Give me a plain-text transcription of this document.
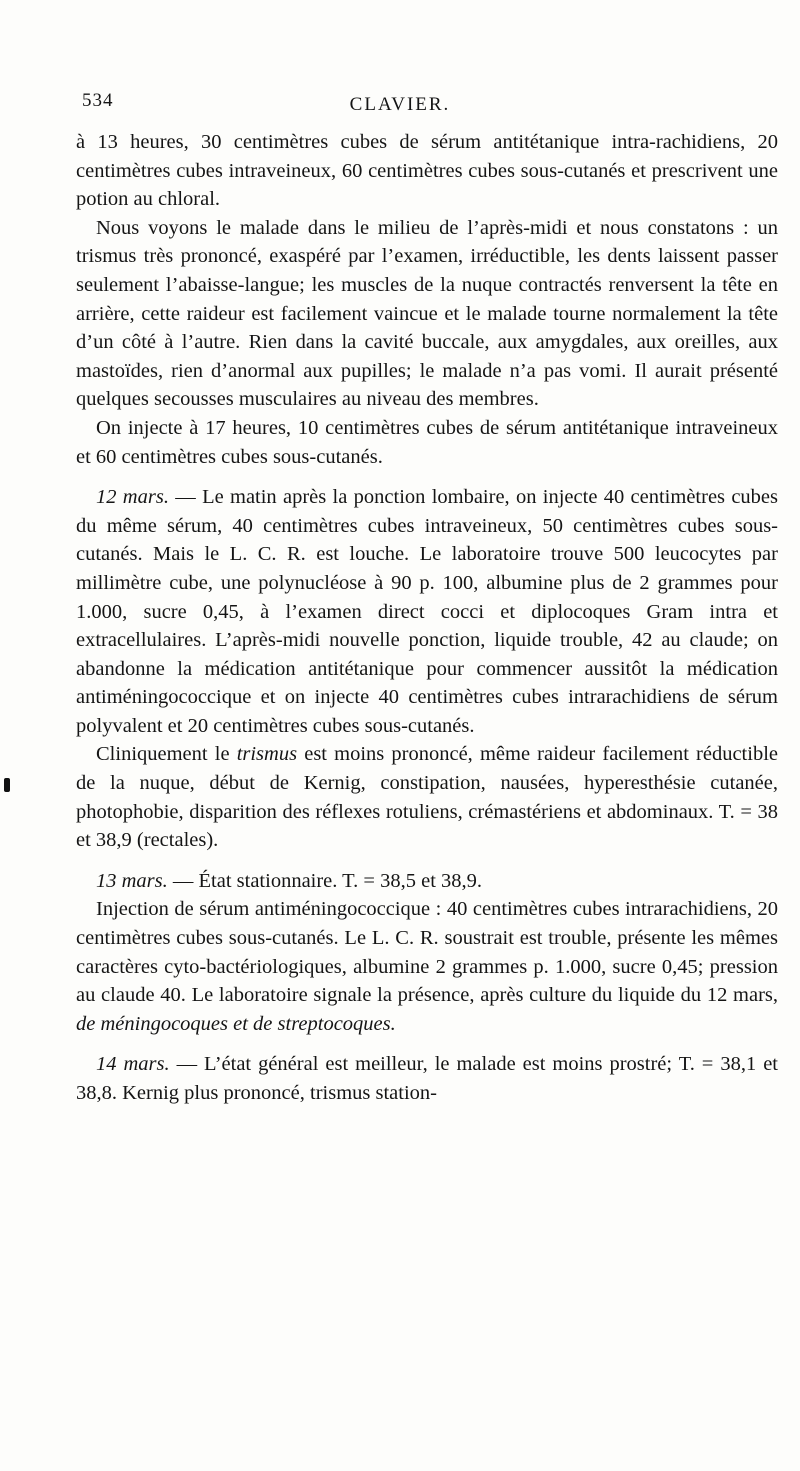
534	CLAVIER.

à 13 heures, 30 centimètres cubes de sérum antitétanique intra-rachidiens, 20 centimètres cubes intraveineux, 60 centimètres cubes sous-cutanés et prescrivent une potion au chloral.

Nous voyons le malade dans le milieu de l’après-midi et nous constatons : un trismus très prononcé, exaspéré par l’examen, irréductible, les dents laissent passer seulement l’abaisse-langue; les muscles de la nuque contractés renversent la tête en arrière, cette raideur est facilement vaincue et le malade tourne normalement la tête d’un côté à l’autre. Rien dans la cavité buccale, aux amygdales, aux oreilles, aux mastoïdes, rien d’anormal aux pupilles; le malade n’a pas vomi. Il aurait présenté quelques secousses musculaires au niveau des membres.

On injecte à 17 heures, 10 centimètres cubes de sérum antitétanique intraveineux et 60 centimètres cubes sous-cutanés.

12 mars. — Le matin après la ponction lombaire, on injecte 40 centimètres cubes du même sérum, 40 centimètres cubes intraveineux, 50 centimètres cubes sous-cutanés. Mais le L. C. R. est louche. Le laboratoire trouve 500 leucocytes par millimètre cube, une polynucléose à 90 p. 100, albumine plus de 2 grammes pour 1.000, sucre 0,45, à l’examen direct cocci et diplocoques Gram intra et extracellulaires. L’après-midi nouvelle ponction, liquide trouble, 42 au claude; on abandonne la médication antitétanique pour commencer aussitôt la médication antiméningococcique et on injecte 40 centimètres cubes intrarachidiens de sérum polyvalent et 20 centimètres cubes sous-cutanés.

Cliniquement le trismus est moins prononcé, même raideur facilement réductible de la nuque, début de Kernig, constipation, nausées, hyperesthésie cutanée, photophobie, disparition des réflexes rotuliens, crémastériens et abdominaux. T. = 38 et 38,9 (rectales).

13 mars. — État stationnaire. T. = 38,5 et 38,9.

Injection de sérum antiméningococcique : 40 centimètres cubes intrarachidiens, 20 centimètres cubes sous-cutanés. Le L. C. R. soustrait est trouble, présente les mêmes caractères cyto-bactériologiques, albumine 2 grammes p. 1.000, sucre 0,45; pression au claude 40. Le laboratoire signale la présence, après culture du liquide du 12 mars, de méningocoques et de streptocoques.

14 mars. — L’état général est meilleur, le malade est moins prostré; T. = 38,1 et 38,8. Kernig plus prononcé, trismus station-
